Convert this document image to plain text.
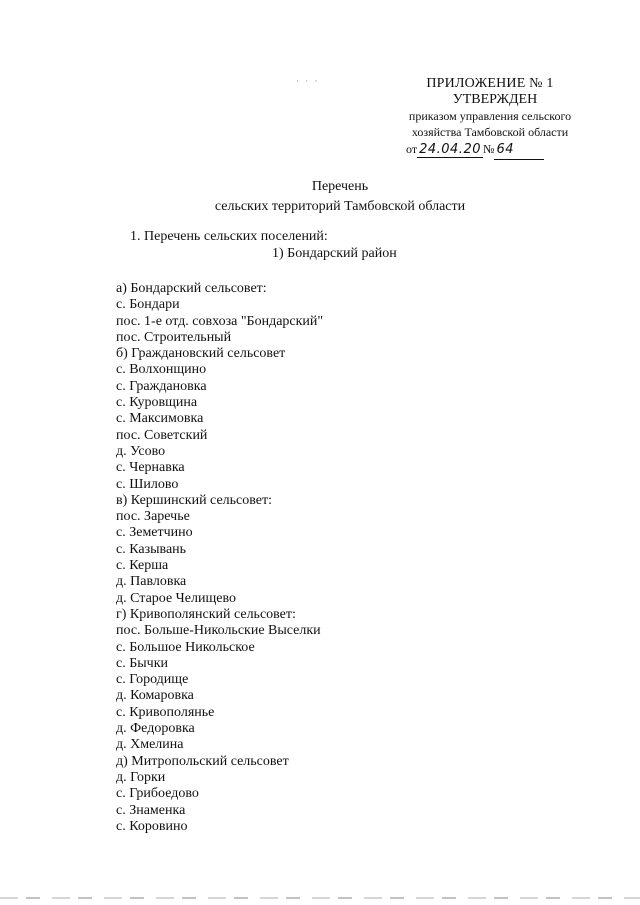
· · ·	ПРИЛОЖЕНИЕ № 1
УТВЕРЖДЕН
приказом управления сельского
хозяйства Тамбовской области
от 24.04.20 № 64
Перечень
сельских территорий Тамбовской области
1. Перечень сельских поселений:
1) Бондарский район
а) Бондарский сельсовет:
с. Бондари
пос. 1-е отд. совхоза "Бондарский"
пос. Строительный
б) Граждановский сельсовет
с. Волхонщино
с. Граждановка
с. Куровщина
с. Максимовка
пос. Советский
д. Усово
с. Чернавка
с. Шилово
в) Кершинский сельсовет:
пос. Заречье
с. Земетчино
с. Казывань
с. Керша
д. Павловка
д. Старое Челищево
г) Кривополянский сельсовет:
пос. Больше-Никольские Выселки
с. Большое Никольское
с. Бычки
с. Городище
д. Комаровка
с. Кривополянье
д. Федоровка
д. Хмелина
д) Митропольский сельсовет
д. Горки
с. Грибоедово
с. Знаменка
с. Коровино
